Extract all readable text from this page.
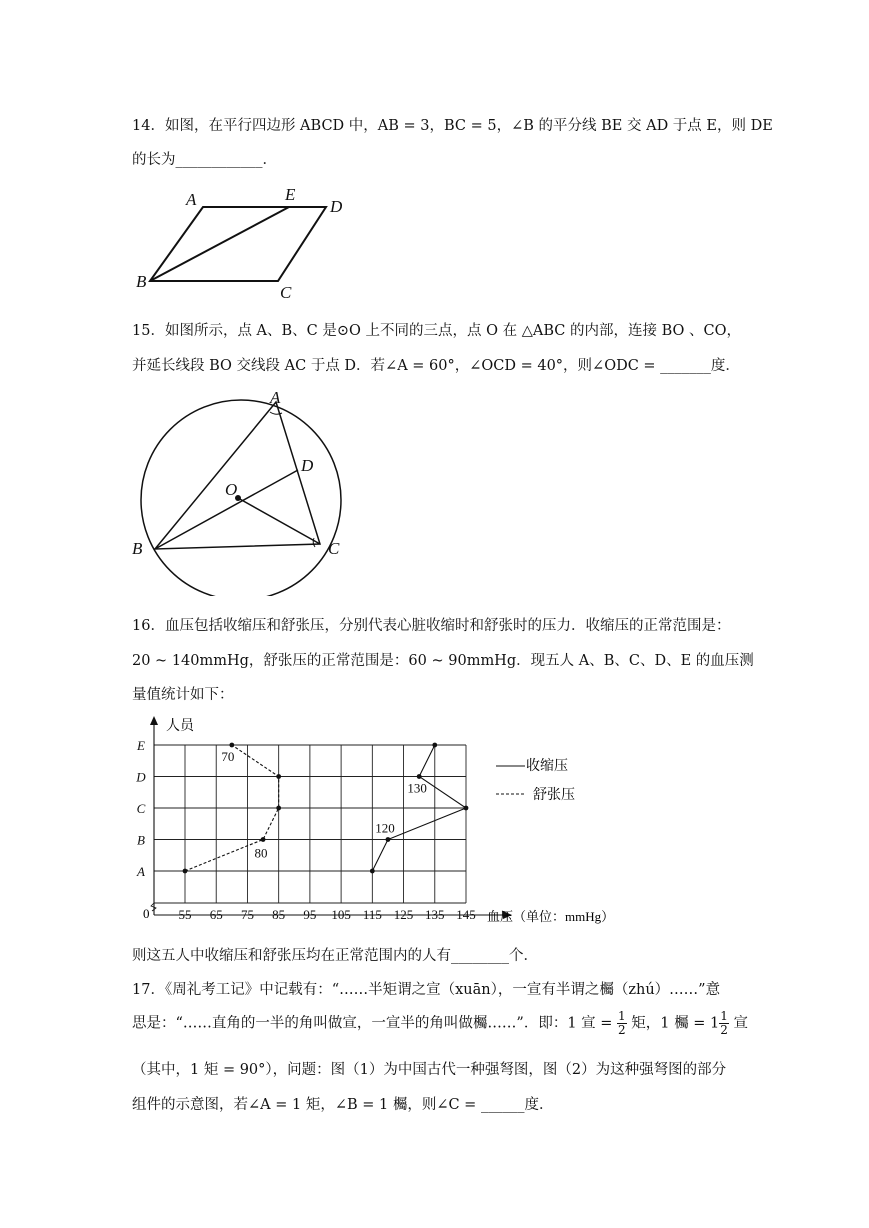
14．如图，在平行四边形 ABCD 中，AB = 3，BC = 5，∠B 的平分线 BE 交 AD 于点 E，则 DE
的长为____________．
A	E
D
B
C
15．如图所示，点 A、B、C 是⊙O 上不同的三点，点 O 在 △ABC 的内部，连接 BO 、CO，
并延长线段 BO 交线段 AC 于点 D．若∠A = 60°，∠OCD = 40°，则∠ODC = _______度．
A
D
O
B	C
16．血压包括收缩压和舒张压，分别代表心脏收缩时和舒张时的压力．收缩压的正常范围是：
20 ~ 140mmHg，舒张压的正常范围是：60 ~ 90mmHg．现五人 A、B、C、D、E 的血压测
量值统计如下：
人员
血压（单位：mmHg）
0 55 65 75 85 95 105 115 125 135 145
A
B
C
D
E
70
80
120
130
收缩压
舒张压
则这五人中收缩压和舒张压均在正常范围内的人有________个．
17．《周礼考工记》中记载有：“……半矩谓之宣（xuān），一宣有半谓之欘（zhú）……”意
思是：“……直角的一半的角叫做宣，一宣半的角叫做欘……”．即：1 宣 = $\frac{1}{2}$ 矩，1 欘 = $1 \frac{1}{2}$ 宣
（其中，1 矩 = 90°），问题：图（1）为中国古代一种强弩图，图（2）为这种强弩图的部分
组件的示意图，若∠A = 1 矩，∠B = 1 欘，则∠C = ______度．
